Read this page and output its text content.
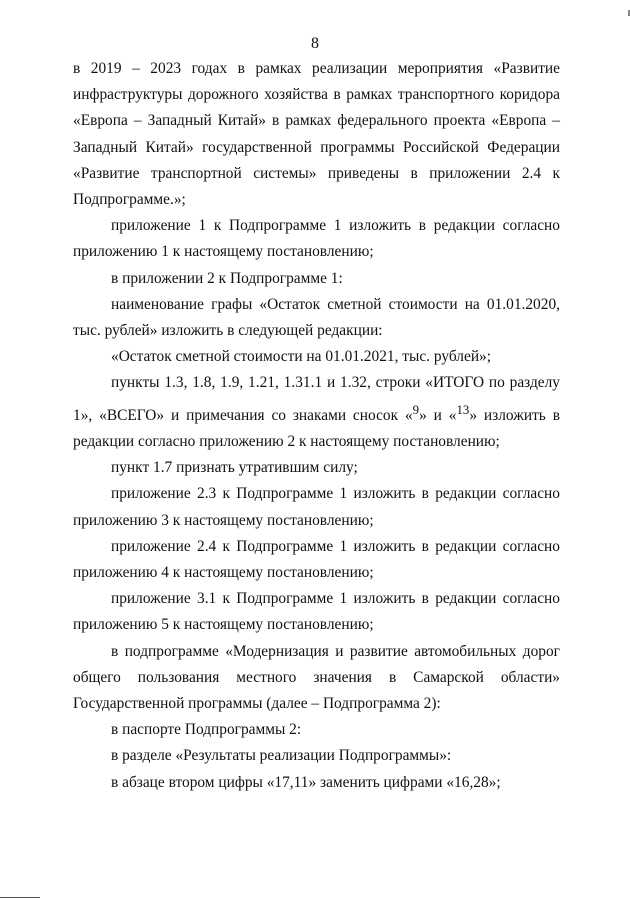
8

в 2019 – 2023 годах в рамках реализации мероприятия «Развитие инфраструктуры дорожного хозяйства в рамках транспортного коридора «Европа – Западный Китай» в рамках федерального проекта «Европа – Западный Китай» государственной программы Российской Федерации «Развитие транспортной системы» приведены в приложении 2.4 к Подпрограмме.»;

приложение 1 к Подпрограмме 1 изложить в редакции согласно приложению 1 к настоящему постановлению;

в приложении 2 к Подпрограмме 1:

наименование графы «Остаток сметной стоимости на 01.01.2020, тыс. рублей» изложить в следующей редакции:

«Остаток сметной стоимости на 01.01.2021, тыс. рублей»;

пункты 1.3, 1.8, 1.9, 1.21, 1.31.1 и 1.32, строки «ИТОГО по разделу 1», «ВСЕГО» и примечания со знаками сносок «$^9$» и «$^{13}$» изложить в редакции согласно приложению 2 к настоящему постановлению;

пункт 1.7 признать утратившим силу;

приложение 2.3 к Подпрограмме 1 изложить в редакции согласно приложению 3 к настоящему постановлению;

приложение 2.4 к Подпрограмме 1 изложить в редакции согласно приложению 4 к настоящему постановлению;

приложение 3.1 к Подпрограмме 1 изложить в редакции согласно приложению 5 к настоящему постановлению;

в подпрограмме «Модернизация и развитие автомобильных дорог общего пользования местного значения в Самарской области» Государственной программы (далее – Подпрограмма 2):

в паспорте Подпрограммы 2:

в разделе «Результаты реализации Подпрограммы»:

в абзаце втором цифры «17,11» заменить цифрами «16,28»;
